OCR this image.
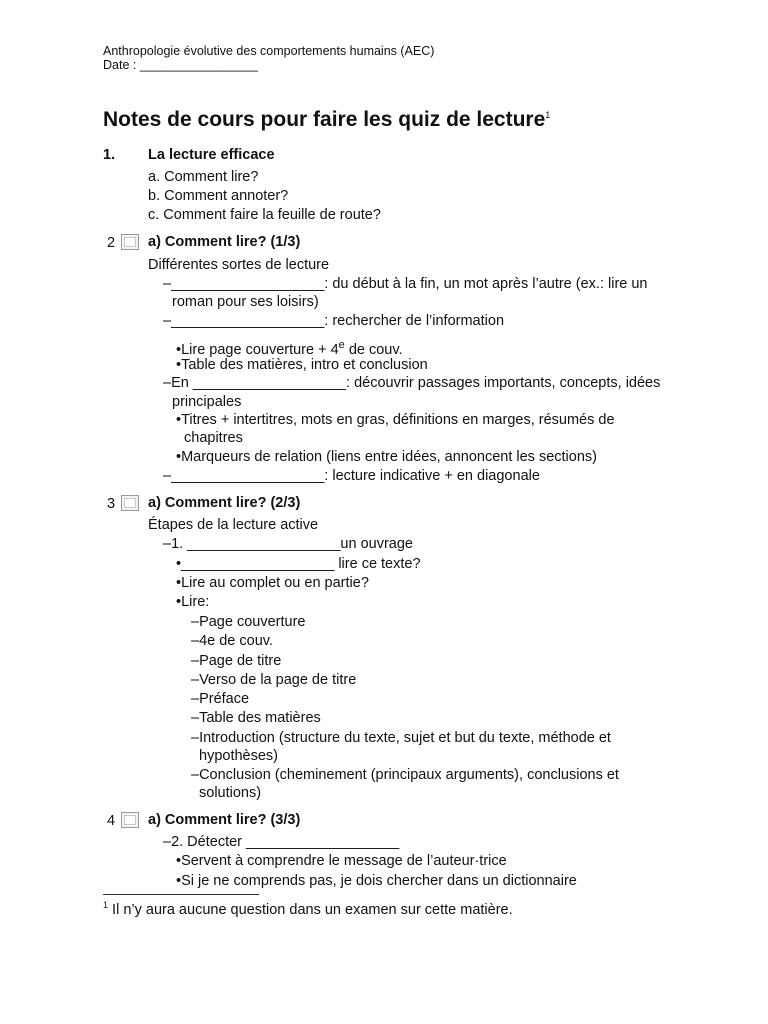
Anthropologie évolutive des comportements humains (AEC)
Date : _________________
Notes de cours pour faire les quiz de lecture$^1$
1. La lecture efficace
a. Comment lire?
b. Comment annoter?
c. Comment faire la feuille de route?
2 a) Comment lire? (1/3)
Différentes sortes de lecture
–___________________: du début à la fin, un mot après l’autre (ex.: lire un
roman pour ses loisirs)
–___________________: rechercher de l’information
•Lire page couverture + $4^e$ de couv.
•Table des matières, intro et conclusion
–En ___________________: découvrir passages importants, concepts, idées
principales
•Titres + intertitres, mots en gras, définitions en marges, résumés de
chapitres
•Marqueurs de relation (liens entre idées, annoncent les sections)
–___________________: lecture indicative + en diagonale
3 a) Comment lire? (2/3)
Étapes de la lecture active
–1. ___________________un ouvrage
•___________________ lire ce texte?
•Lire au complet ou en partie?
•Lire:
–Page couverture
–4e de couv.
–Page de titre
–Verso de la page de titre
–Préface
–Table des matières
–Introduction (structure du texte, sujet et but du texte, méthode et
hypothèses)
–Conclusion (cheminement (principaux arguments), conclusions et
solutions)
4 a) Comment lire? (3/3)
–2. Détecter ___________________
•Servent à comprendre le message de l’auteur·trice
•Si je ne comprends pas, je dois chercher dans un dictionnaire
$^1$ Il n’y aura aucune question dans un examen sur cette matière.
